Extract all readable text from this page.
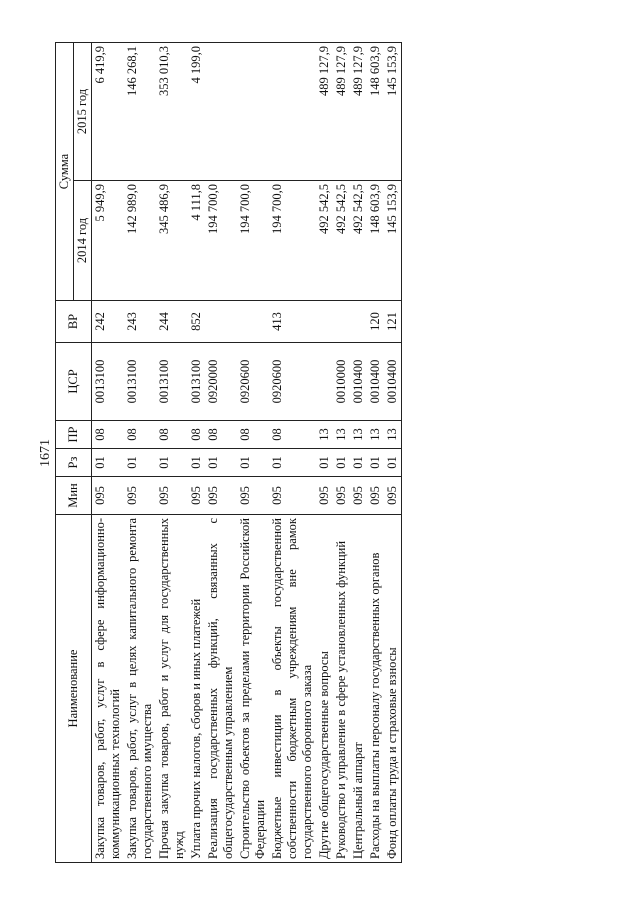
1671
Наименование	Мин	Рз	ПР	ЦСР	ВР	Сумма	
						2014 год	2015 год
Закупка товаров, работ, услуг в сфере информационно-коммуникационных технологий	095	01	08	0013100	242	5 949,9	6 419,9
Закупка товаров, работ, услуг в целях капитального ремонта государственного имущества	095	01	08	0013100	243	142 989,0	146 268,1
Прочая закупка товаров, работ и услуг для государственных нужд	095	01	08	0013100	244	345 486,9	353 010,3
Уплата прочих налогов, сборов и иных платежей	095	01	08	0013100	852	4 111,8	4 199,0
Реализация государственных функций, связанных с общегосударственным управлением	095	01	08	0920000		194 700,0	
Строительство объектов за пределами территории Российской Федерации	095	01	08	0920600		194 700,0	
Бюджетные инвестиции в объекты государственной собственности бюджетным учреждениям вне рамок государственного оборонного заказа	095	01	08	0920600	413	194 700,0	
Другие общегосударственные вопросы	095	01	13			492 542,5	489 127,9
Руководство и управление в сфере установленных функций	095	01	13	0010000		492 542,5	489 127,9
Центральный аппарат	095	01	13	0010400		492 542,5	489 127,9
Расходы на выплаты персоналу государственных органов	095	01	13	0010400	120	148 603,9	148 603,9
Фонд оплаты труда и страховые взносы	095	01	13	0010400	121	145 153,9	145 153,9
